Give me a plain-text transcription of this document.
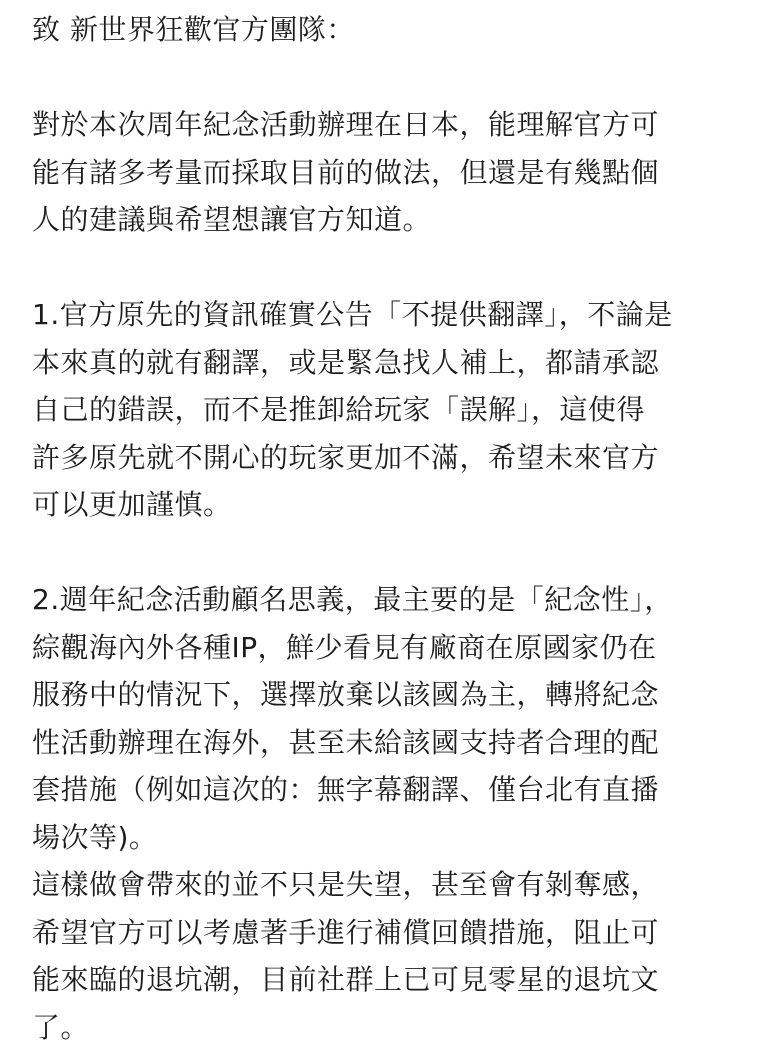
致 新世界狂歡官方團隊：
對於本次周年紀念活動辦理在日本，能理解官方可
能有諸多考量而採取目前的做法，但還是有幾點個
人的建議與希望想讓官方知道。
1.官方原先的資訊確實公告「不提供翻譯」，不論是
本來真的就有翻譯，或是緊急找人補上，都請承認
自己的錯誤，而不是推卸給玩家「誤解」，這使得
許多原先就不開心的玩家更加不滿，希望未來官方
可以更加謹慎。
2.週年紀念活動顧名思義，最主要的是「紀念性」，
綜觀海內外各種IP，鮮少看見有廠商在原國家仍在
服務中的情況下，選擇放棄以該國為主，轉將紀念
性活動辦理在海外，甚至未給該國支持者合理的配
套措施（例如這次的：無字幕翻譯、僅台北有直播
場次等)。
這樣做會帶來的並不只是失望，甚至會有剝奪感，
希望官方可以考慮著手進行補償回饋措施，阻止可
能來臨的退坑潮，目前社群上已可見零星的退坑文
了。
